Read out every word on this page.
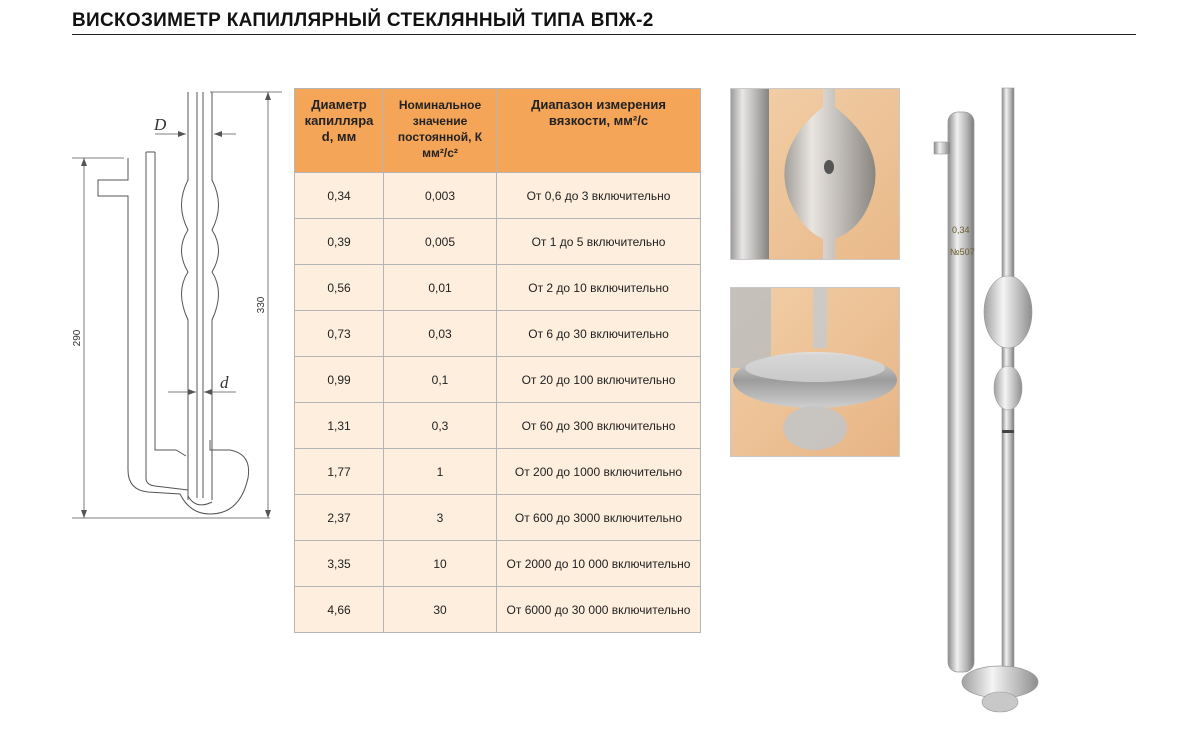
ВИСКОЗИМЕТР КАПИЛЛЯРНЫЙ СТЕКЛЯННЫЙ ТИПА ВПЖ-2
D
d
290
330
Диаметр
капилляра
d, мм	Номинальное
значение
постоянной, К
мм²/с²	Диапазон измерения
вязкости, мм²/с
0,34	0,003	От 0,6 до 3 включительно
0,39	0,005	От 1 до 5 включительно
0,56	0,01	От 2 до 10 включительно
0,73	0,03	От 6 до 30 включительно
0,99	0,1	От 20 до 100 включительно
1,31	0,3	От 60 до 300 включительно
1,77	1	От 200 до 1000 включительно
2,37	3	От 600 до 3000 включительно
3,35	10	От 2000 до 10 000 включительно
4,66	30	От 6000 до 30 000 включительно
0,34
№507
